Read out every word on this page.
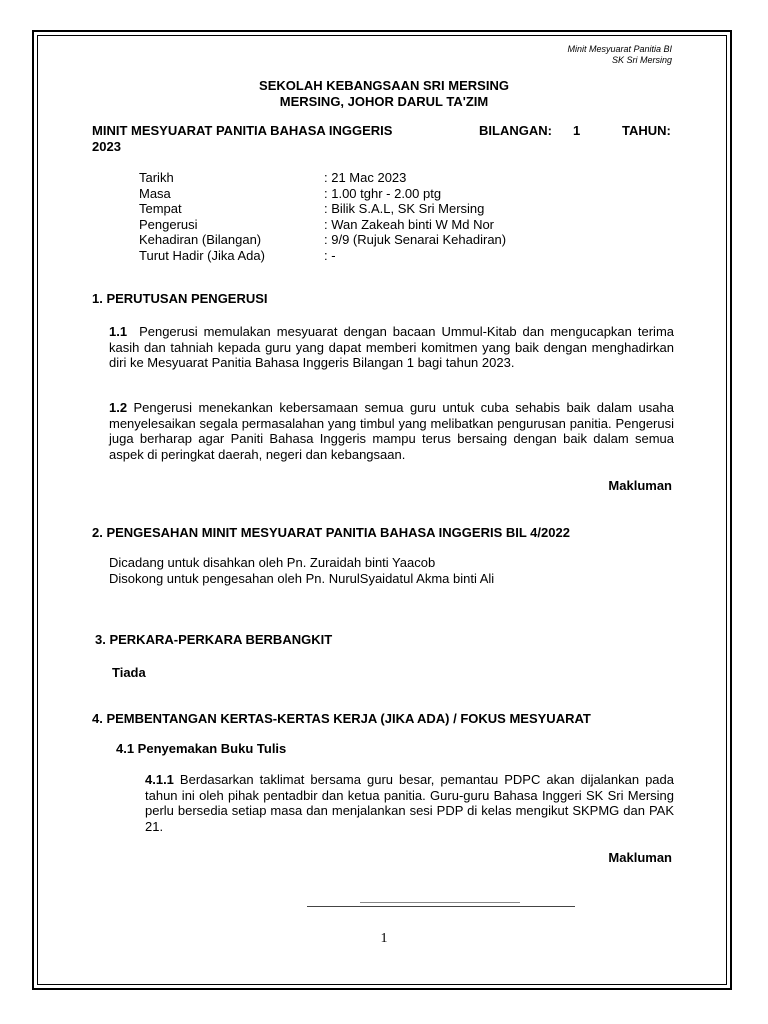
Minit Mesyuarat Panitia BI
SK Sri Mersing
SEKOLAH KEBANGSAAN SRI MERSING
MERSING, JOHOR DARUL TA'ZIM
MINIT MESYUARAT PANITIA BAHASA INGGERIS	BILANGAN: 1	TAHUN:
2023
Tarikh	: 21 Mac 2023
Masa	: 1.00 tghr - 2.00 ptg
Tempat	: Bilik S.A.L, SK Sri Mersing
Pengerusi	: Wan Zakeah binti W Md Nor
Kehadiran (Bilangan)	: 9/9 (Rujuk Senarai Kehadiran)
Turut Hadir (Jika Ada)	: -
1. PERUTUSAN PENGERUSI
1.1 Pengerusi memulakan mesyuarat dengan bacaan Ummul-Kitab dan mengucapkan terima kasih dan tahniah kepada guru yang dapat memberi komitmen yang baik dengan menghadirkan diri ke Mesyuarat Panitia Bahasa Inggeris Bilangan 1 bagi tahun 2023.
1.2 Pengerusi menekankan kebersamaan semua guru untuk cuba sehabis baik dalam usaha menyelesaikan segala permasalahan yang timbul yang melibatkan pengurusan panitia. Pengerusi juga berharap agar Paniti Bahasa Inggeris mampu terus bersaing dengan baik dalam semua aspek di peringkat daerah, negeri dan kebangsaan.
Makluman
2. PENGESAHAN MINIT MESYUARAT PANITIA BAHASA INGGERIS BIL 4/2022
Dicadang untuk disahkan oleh Pn. Zuraidah binti Yaacob
Disokong untuk pengesahan oleh Pn. NurulSyaidatul Akma binti Ali
3. PERKARA-PERKARA BERBANGKIT
Tiada
4. PEMBENTANGAN KERTAS-KERTAS KERJA (JIKA ADA) / FOKUS MESYUARAT
4.1 Penyemakan Buku Tulis
4.1.1 Berdasarkan taklimat bersama guru besar, pemantau PDPC akan dijalankan pada tahun ini oleh pihak pentadbir dan ketua panitia. Guru-guru Bahasa Inggeri SK Sri Mersing perlu bersedia setiap masa dan menjalankan sesi PDP di kelas mengikut SKPMG dan PAK 21.
Makluman
1
